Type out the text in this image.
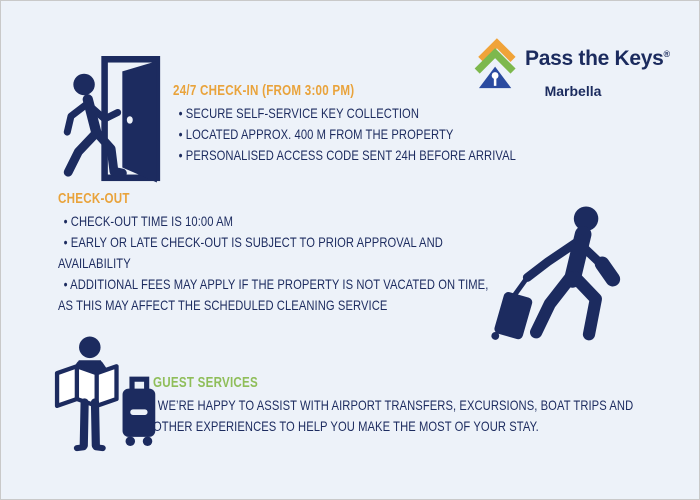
Pass the Keys®
Marbella
24/7 CHECK-IN (FROM 3:00 PM)
• SECURE SELF-SERVICE KEY COLLECTION
• LOCATED APPROX. 400 M FROM THE PROPERTY
• PERSONALISED ACCESS CODE SENT 24H BEFORE ARRIVAL
CHECK-OUT
• CHECK-OUT TIME IS 10:00 AM
• EARLY OR LATE CHECK-OUT IS SUBJECT TO PRIOR APPROVAL AND AVAILABILITY
• ADDITIONAL FEES MAY APPLY IF THE PROPERTY IS NOT VACATED ON TIME, AS THIS MAY AFFECT THE SCHEDULED CLEANING SERVICE
GUEST SERVICES

WE’RE HAPPY TO ASSIST WITH AIRPORT TRANSFERS, EXCURSIONS, BOAT TRIPS AND OTHER EXPERIENCES TO HELP YOU MAKE THE MOST OF YOUR STAY.
